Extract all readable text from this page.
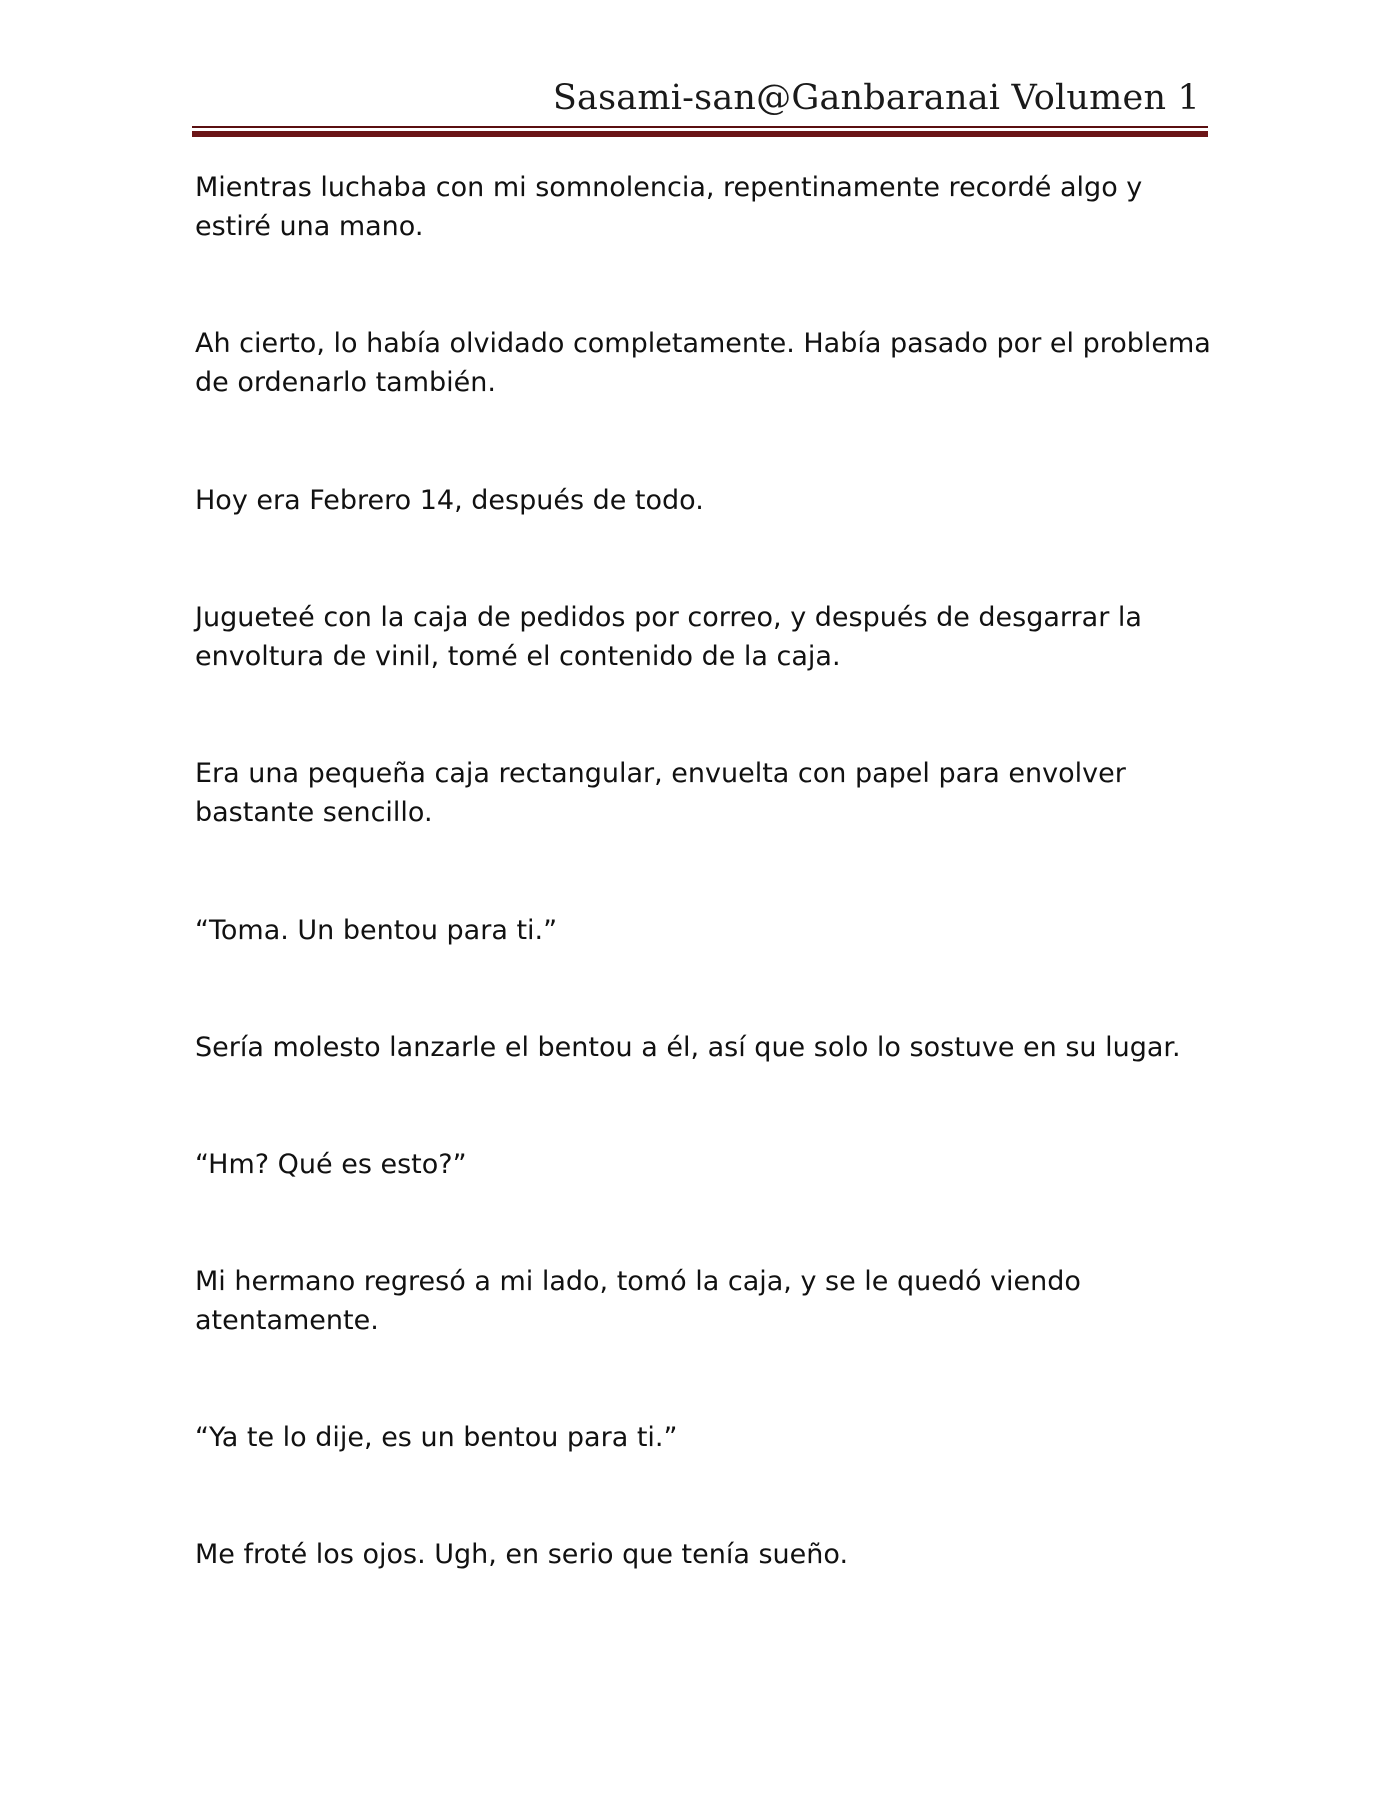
Sasami-san@Ganbaranai Volumen 1

Mientras luchaba con mi somnolencia, repentinamente recordé algo y estiré una mano.

Ah cierto, lo había olvidado completamente. Había pasado por el problema de ordenarlo también.

Hoy era Febrero 14, después de todo.

Jugueteé con la caja de pedidos por correo, y después de desgarrar la envoltura de vinil, tomé el contenido de la caja.

Era una pequeña caja rectangular, envuelta con papel para envolver bastante sencillo.

“Toma. Un bentou para ti.”

Sería molesto lanzarle el bentou a él, así que solo lo sostuve en su lugar.

“Hm? Qué es esto?”

Mi hermano regresó a mi lado, tomó la caja, y se le quedó viendo atentamente.

“Ya te lo dije, es un bentou para ti.”

Me froté los ojos. Ugh, en serio que tenía sueño.
